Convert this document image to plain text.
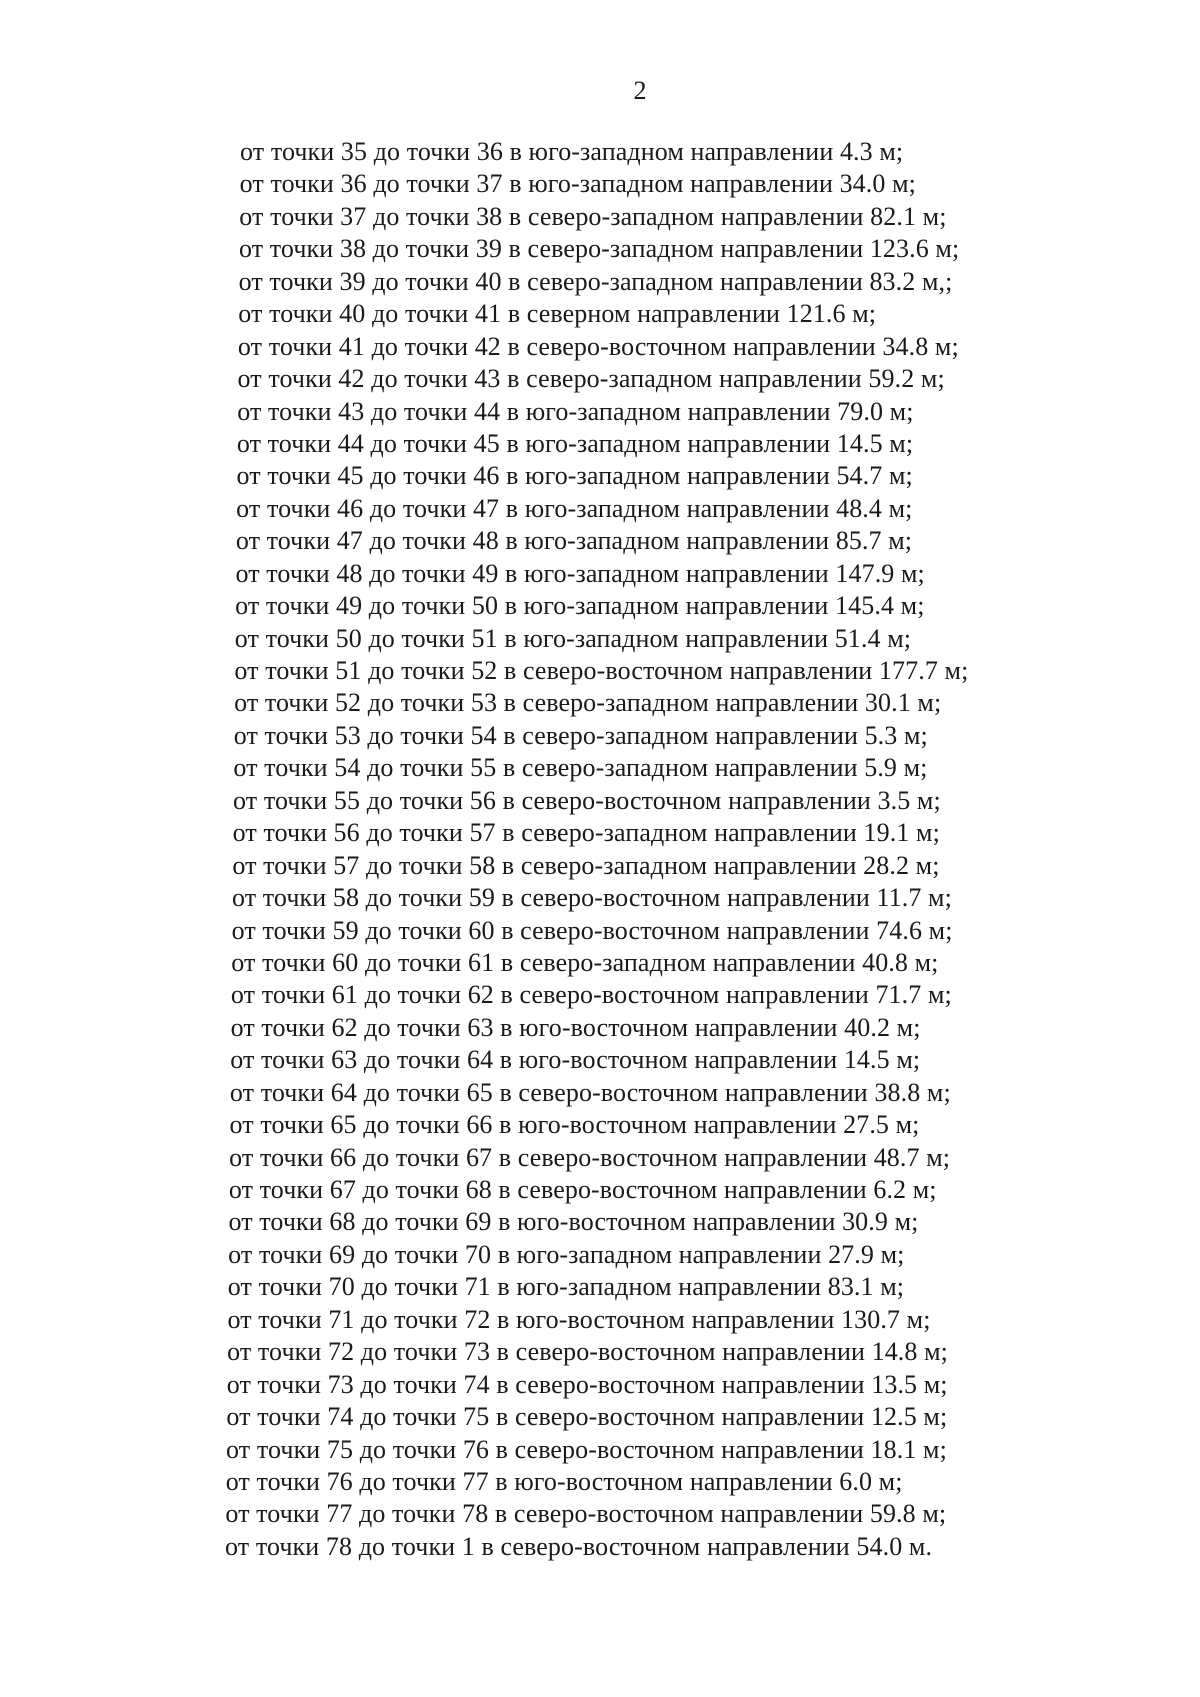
2
от точки 35 до точки 36 в юго-западном направлении 4.3 м;
от точки 36 до точки 37 в юго-западном направлении 34.0 м;
от точки 37 до точки 38 в северо-западном направлении 82.1 м;
от точки 38 до точки 39 в северо-западном направлении 123.6 м;
от точки 39 до точки 40 в северо-западном направлении 83.2 м,;
от точки 40 до точки 41 в северном направлении 121.6 м;
от точки 41 до точки 42 в северо-восточном направлении 34.8 м;
от точки 42 до точки 43 в северо-западном направлении 59.2 м;
от точки 43 до точки 44 в юго-западном направлении 79.0 м;
от точки 44 до точки 45 в юго-западном направлении 14.5 м;
от точки 45 до точки 46 в юго-западном направлении 54.7 м;
от точки 46 до точки 47 в юго-западном направлении 48.4 м;
от точки 47 до точки 48 в юго-западном направлении 85.7 м;
от точки 48 до точки 49 в юго-западном направлении 147.9 м;
от точки 49 до точки 50 в юго-западном направлении 145.4 м;
от точки 50 до точки 51 в юго-западном направлении 51.4 м;
от точки 51 до точки 52 в северо-восточном направлении 177.7 м;
от точки 52 до точки 53 в северо-западном направлении 30.1 м;
от точки 53 до точки 54 в северо-западном направлении 5.3 м;
от точки 54 до точки 55 в северо-западном направлении 5.9 м;
от точки 55 до точки 56 в северо-восточном направлении 3.5 м;
от точки 56 до точки 57 в северо-западном направлении 19.1 м;
от точки 57 до точки 58 в северо-западном направлении 28.2 м;
от точки 58 до точки 59 в северо-восточном направлении 11.7 м;
от точки 59 до точки 60 в северо-восточном направлении 74.6 м;
от точки 60 до точки 61 в северо-западном направлении 40.8 м;
от точки 61 до точки 62 в северо-восточном направлении 71.7 м;
от точки 62 до точки 63 в юго-восточном направлении 40.2 м;
от точки 63 до точки 64 в юго-восточном направлении 14.5 м;
от точки 64 до точки 65 в северо-восточном направлении 38.8 м;
от точки 65 до точки 66 в юго-восточном направлении 27.5 м;
от точки 66 до точки 67 в северо-восточном направлении 48.7 м;
от точки 67 до точки 68 в северо-восточном направлении 6.2 м;
от точки 68 до точки 69 в юго-восточном направлении 30.9 м;
от точки 69 до точки 70 в юго-западном направлении 27.9 м;
от точки 70 до точки 71 в юго-западном направлении 83.1 м;
от точки 71 до точки 72 в юго-восточном направлении 130.7 м;
от точки 72 до точки 73 в северо-восточном направлении 14.8 м;
от точки 73 до точки 74 в северо-восточном направлении 13.5 м;
от точки 74 до точки 75 в северо-восточном направлении 12.5 м;
от точки 75 до точки 76 в северо-восточном направлении 18.1 м;
от точки 76 до точки 77 в юго-восточном направлении 6.0 м;
от точки 77 до точки 78 в северо-восточном направлении 59.8 м;
от точки 78 до точки 1 в северо-восточном направлении 54.0 м.
